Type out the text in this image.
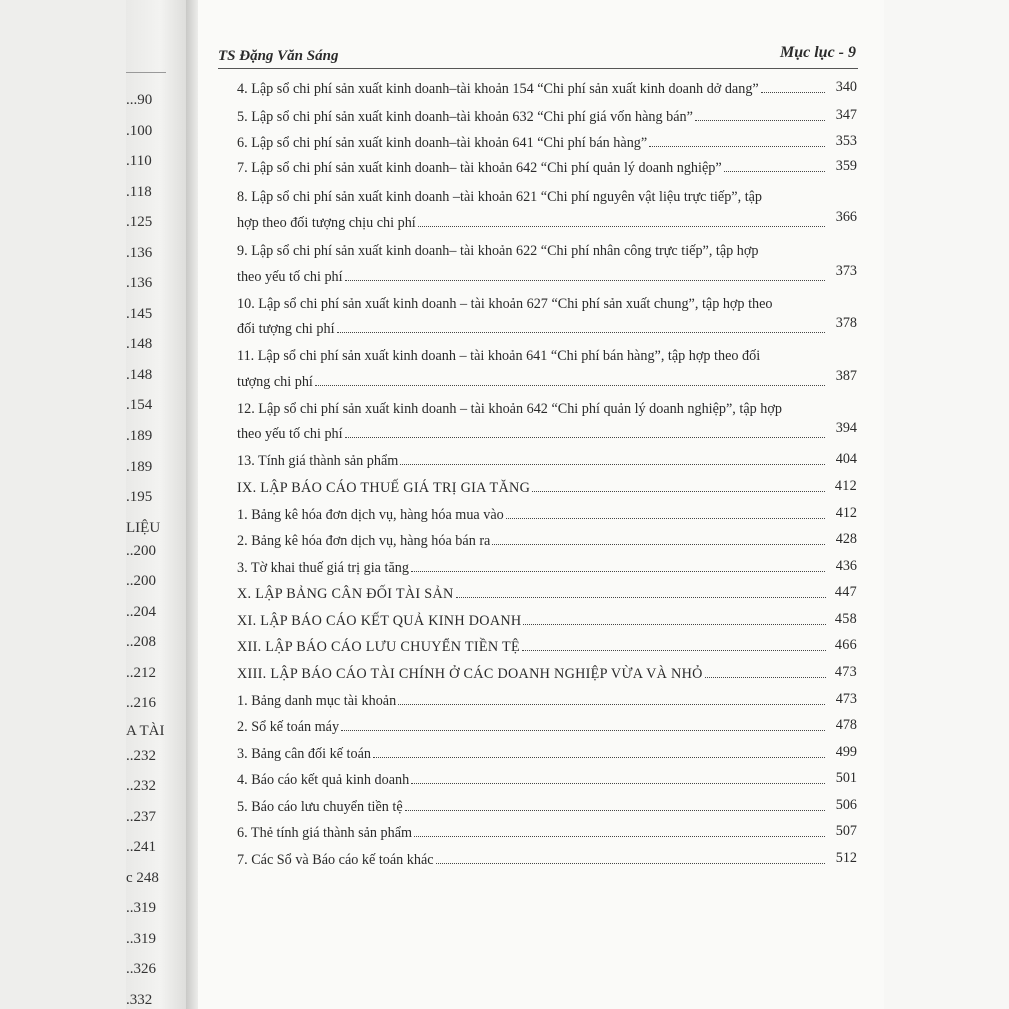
...90
.100
.110
.118
.125
.136
.136
.145
.148
.148
.154
.189
.189
.195
LIỆU
..200
..200
..204
..208
..212
..216
A TÀI
..232
..232
..237
..241
c 248
..319
..319
..326
.332
TS Đặng Văn Sáng	Mục lục - 9
4. Lập sổ chi phí sản xuất kinh doanh–tài khoản 154 “Chi phí sản xuất kinh doanh dở dang”	340
5. Lập sổ chi phí sản xuất kinh doanh–tài khoản 632 “Chi phí giá vốn hàng bán”	347
6. Lập sổ chi phí sản xuất kinh doanh–tài khoản 641 “Chi phí bán hàng”	353
7. Lập sổ chi phí sản xuất kinh doanh– tài khoản 642 “Chi phí quản lý doanh nghiệp”	359
8. Lập sổ chi phí sản xuất kinh doanh –tài khoản 621 “Chi phí nguyên vật liệu trực tiếp”, tập
hợp theo đối tượng chịu chi phí	366
9. Lập sổ chi phí sản xuất kinh doanh– tài khoản 622 “Chi phí nhân công trực tiếp”, tập hợp
theo yếu tố chi phí	373
10. Lập sổ chi phí sản xuất kinh doanh – tài khoản 627 “Chi phí sản xuất chung”, tập hợp theo
đối tượng chi phí	378
11. Lập sổ chi phí sản xuất kinh doanh – tài khoản 641 “Chi phí bán hàng”, tập hợp theo đối
tượng chi phí	387
12. Lập sổ chi phí sản xuất kinh doanh – tài khoản 642 “Chi phí quản lý doanh nghiệp”, tập hợp
theo yếu tố chi phí	394
13. Tính giá thành sản phẩm	404
IX. LẬP BÁO CÁO THUẾ GIÁ TRỊ GIA TĂNG	412
1. Bảng kê hóa đơn dịch vụ, hàng hóa mua vào	412
2. Bảng kê hóa đơn dịch vụ, hàng hóa bán ra	428
3. Tờ khai thuế giá trị gia tăng	436
X. LẬP BẢNG CÂN ĐỐI TÀI SẢN	447
XI. LẬP BÁO CÁO KẾT QUẢ KINH DOANH	458
XII. LẬP BÁO CÁO LƯU CHUYỂN TIỀN TỆ	466
XIII. LẬP BÁO CÁO TÀI CHÍNH Ở CÁC DOANH NGHIỆP VỪA VÀ NHỎ	473
1. Bảng danh mục tài khoản	473
2. Sổ kế toán máy	478
3. Bảng cân đối kế toán	499
4. Báo cáo kết quả kinh doanh	501
5. Báo cáo lưu chuyển tiền tệ	506
6. Thẻ tính giá thành sản phẩm	507
7. Các Sổ và Báo cáo kế toán khác	512
